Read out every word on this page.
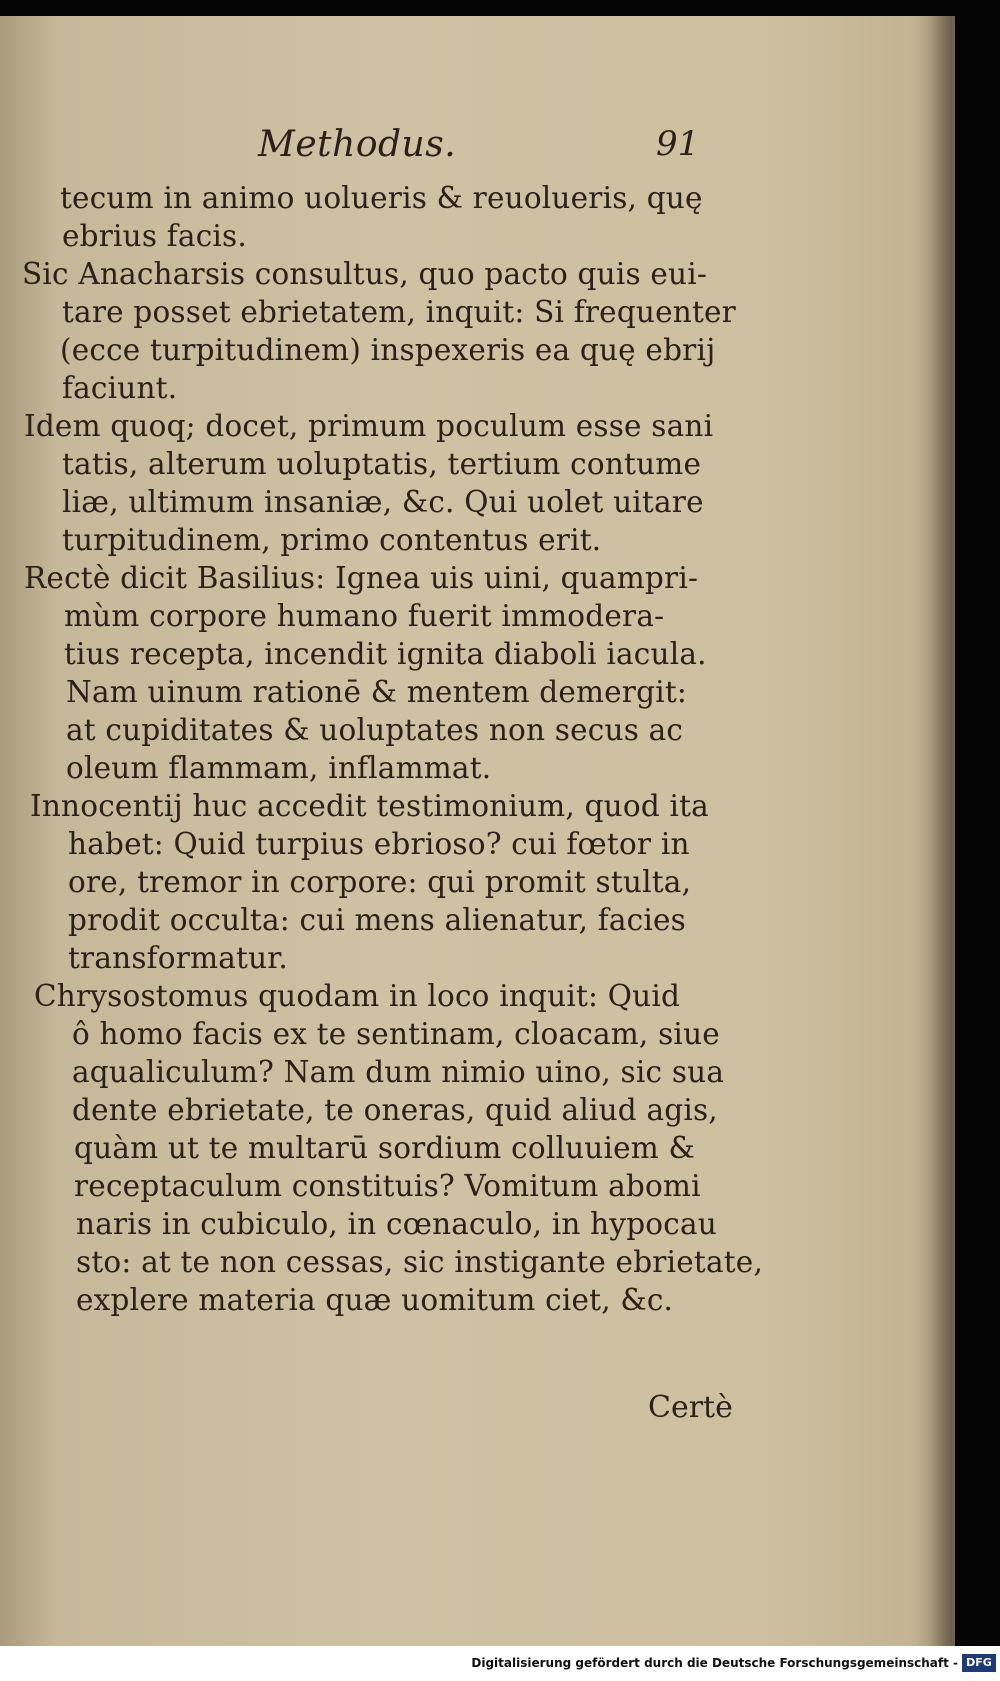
Methodus.	91
tecum in animo uolueris & reuolueris, quę
ebrius facis.
Sic Anacharsis consultus, quo pacto quis eui-
tare posset ebrietatem, inquit: Si frequenter
(ecce turpitudinem) inspexeris ea quę ebrij
faciunt.
Idem quoq; docet, primum poculum esse sani
tatis, alterum uoluptatis, tertium contume
liæ, ultimum insaniæ, &c. Qui uolet uitare
turpitudinem, primo contentus erit.
Rectè dicit Basilius: Ignea uis uini, quampri-
mùm corpore humano fuerit immodera-
tius recepta, incendit ignita diaboli iacula.
Nam uinum rationē & mentem demergit:
at cupiditates & uoluptates non secus ac
oleum flammam, inflammat.
Innocentij huc accedit testimonium, quod ita
habet: Quid turpius ebrioso? cui fœtor in
ore, tremor in corpore: qui promit stulta,
prodit occulta: cui mens alienatur, facies
transformatur.
Chrysostomus quodam in loco inquit: Quid
ô homo facis ex te sentinam, cloacam, siue
aqualiculum? Nam dum nimio uino, sic sua
dente ebrietate, te oneras, quid aliud agis,
quàm ut te multarū sordium colluuiem &
receptaculum constituis? Vomitum abomi
naris in cubiculo, in cœnaculo, in hypocau
sto: at te non cessas, sic instigante ebrietate,
explere materia quæ uomitum ciet, &c.
Certè
Digitalisierung gefördert durch die Deutsche Forschungsgemeinschaft - DFG
